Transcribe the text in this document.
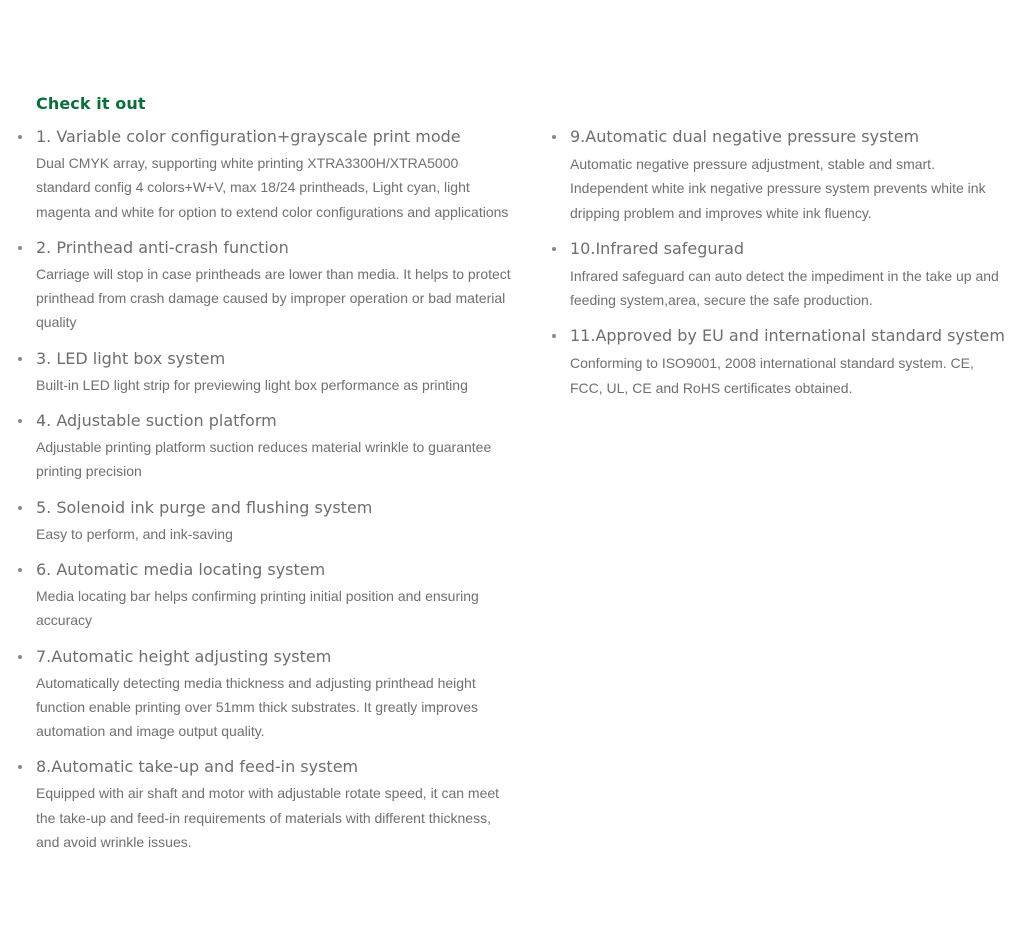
Check it out
1. Variable color configuration+grayscale print mode
Dual CMYK array, supporting white printing XTRA3300H/XTRA5000 standard config 4 colors+W+V, max 18/24 printheads, Light cyan, light magenta and white for option to extend color configurations and applications
2. Printhead anti-crash function
Carriage will stop in case printheads are lower than media. It helps to protect printhead from crash damage caused by improper operation or bad material quality
3. LED light box system
Built-in LED light strip for previewing light box performance as printing
4. Adjustable suction platform
Adjustable printing platform suction reduces material wrinkle to guarantee printing precision
5. Solenoid ink purge and flushing system
Easy to perform, and ink-saving
6. Automatic media locating system
Media locating bar helps confirming printing initial position and ensuring accuracy
7.Automatic height adjusting system
Automatically detecting media thickness and adjusting printhead height function enable printing over 51mm thick substrates. It greatly improves automation and image output quality.
8.Automatic take-up and feed-in system
Equipped with air shaft and motor with adjustable rotate speed, it can meet the take-up and feed-in requirements of materials with different thickness, and avoid wrinkle issues.
9.Automatic dual negative pressure system
Automatic negative pressure adjustment, stable and smart. Independent white ink negative pressure system prevents white ink dripping problem and improves white ink fluency.
10.Infrared safegurad
Infrared safeguard can auto detect the impediment in the take up and feeding system,area, secure the safe production.
11.Approved by EU and international standard system
Conforming to ISO9001, 2008 international standard system. CE, FCC, UL, CE and RoHS certificates obtained.
